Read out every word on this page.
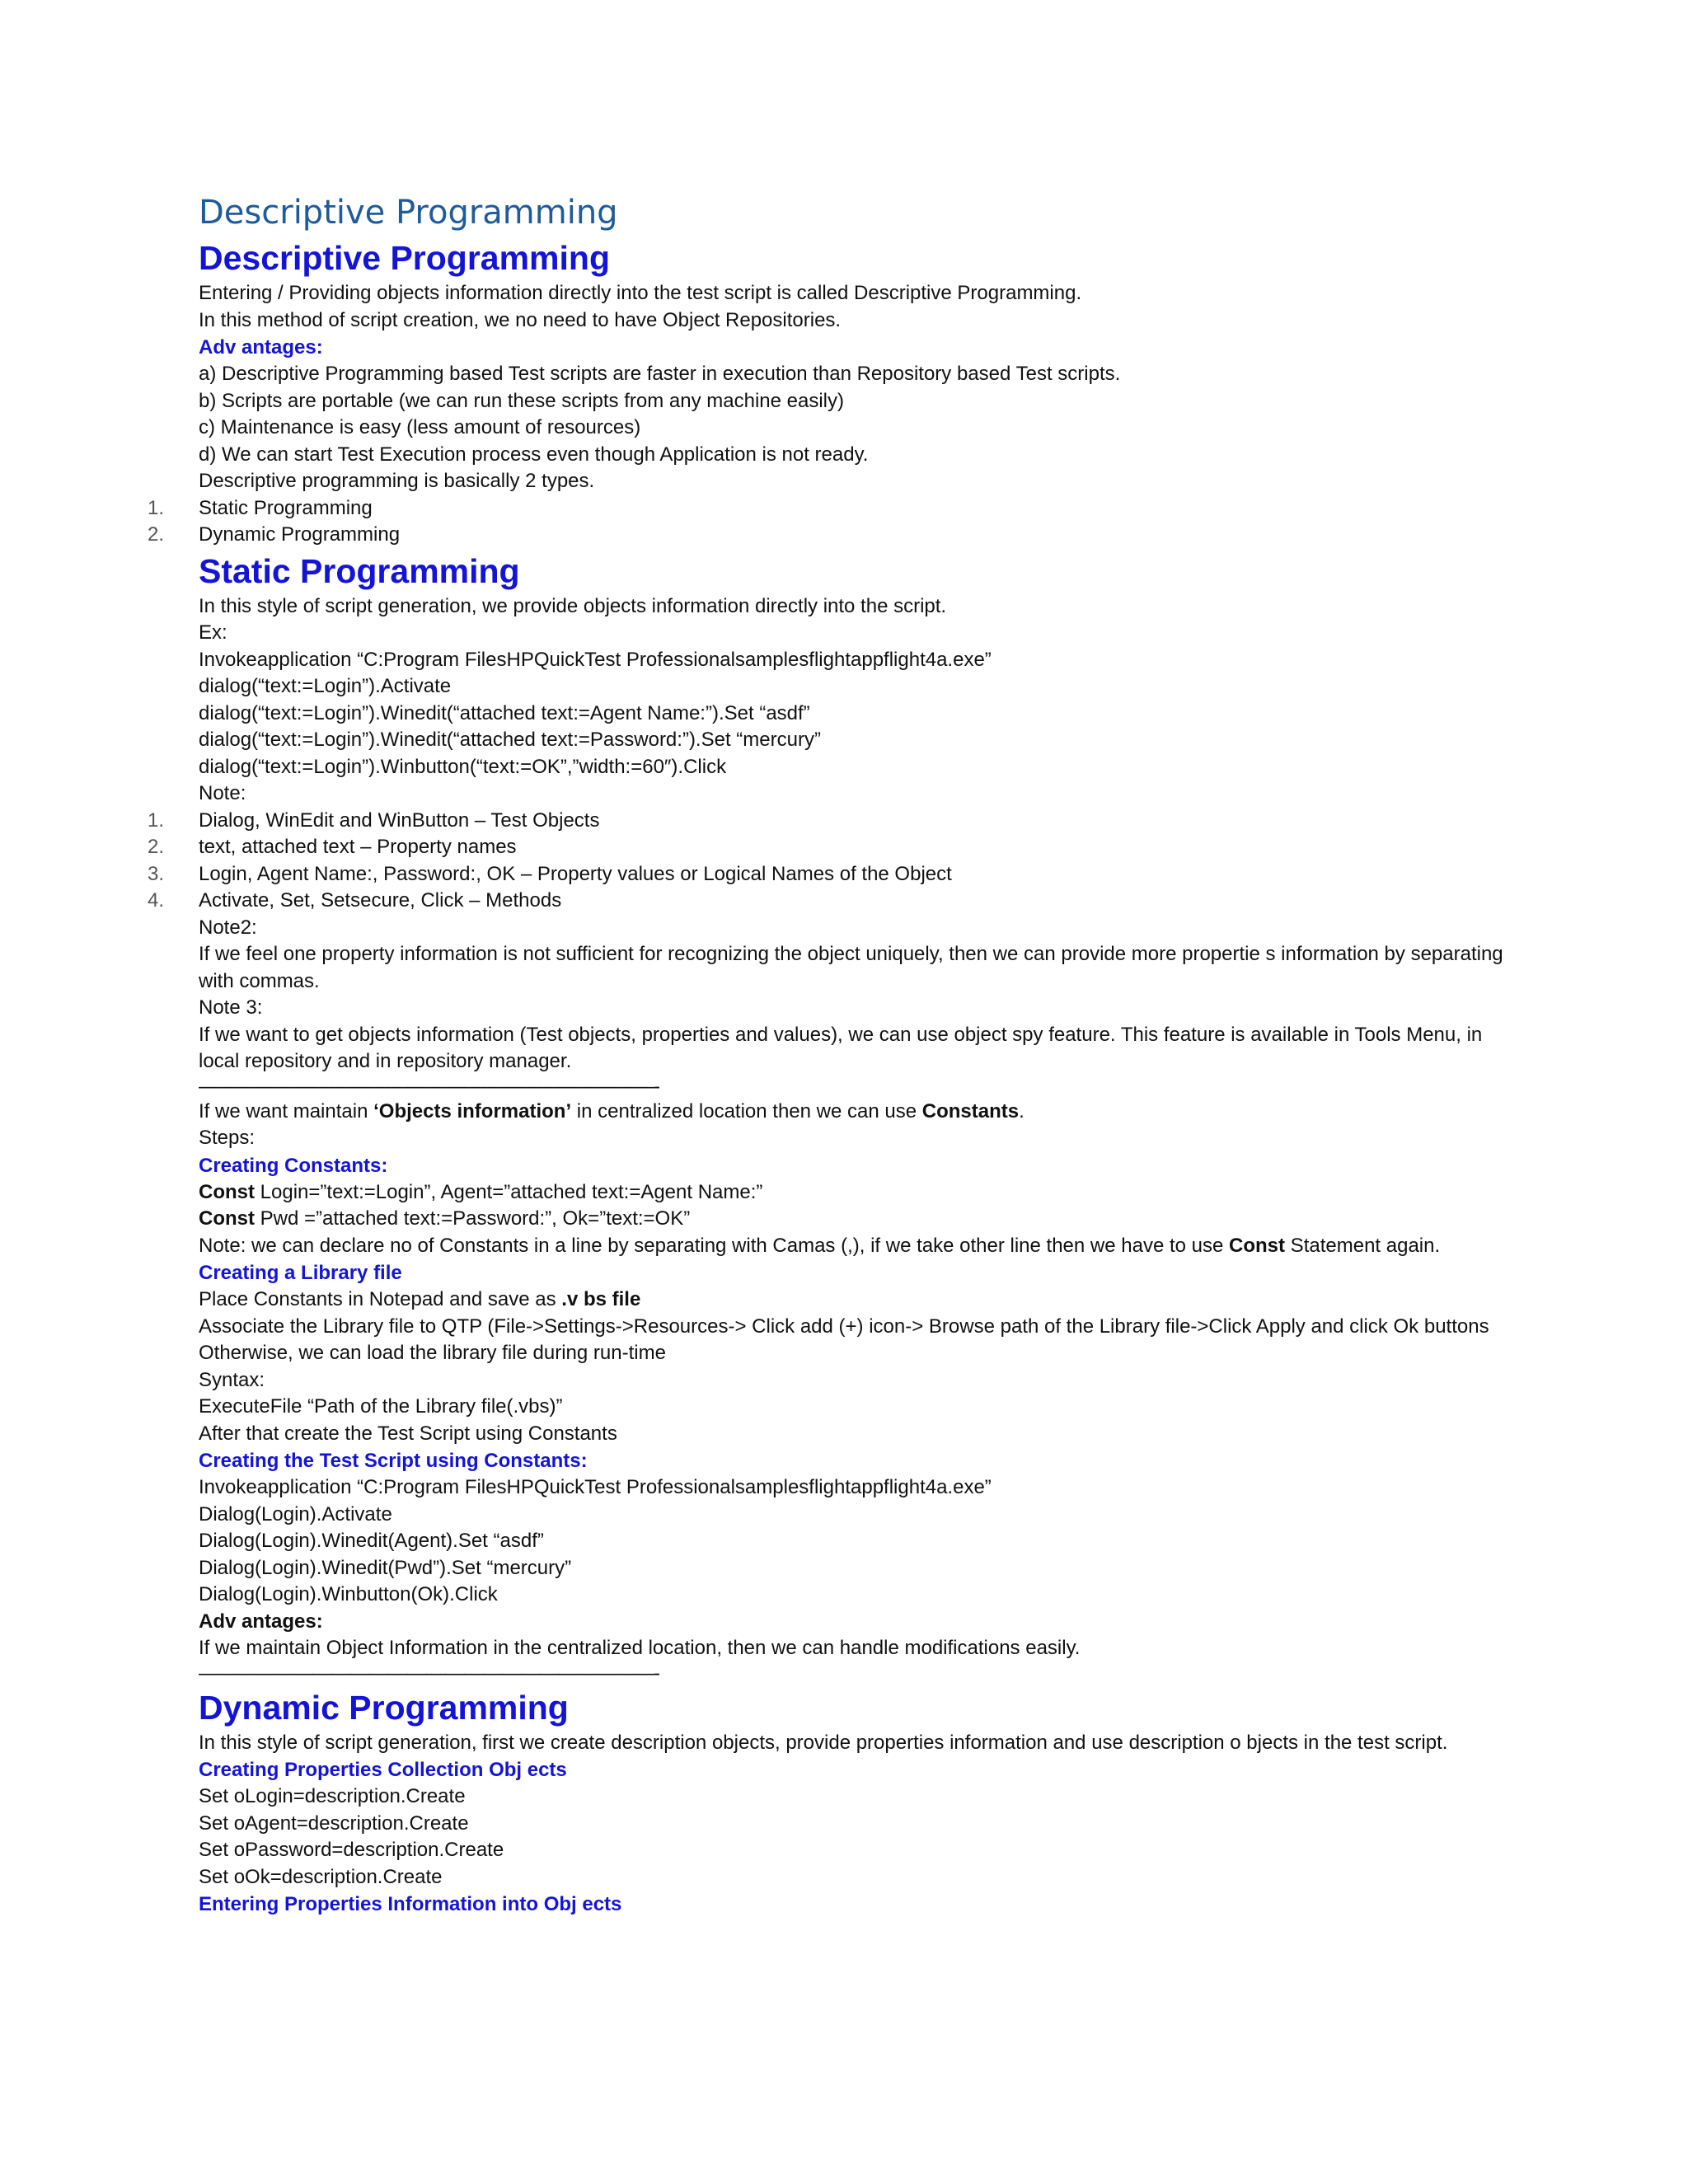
Descriptive Programming

Descriptive Programming

Entering / Providing objects information directly into the test script is called Descriptive Programming.

In this method of script creation, we no need to have Object Repositories.

Adv antages:

a) Descriptive Programming based Test scripts are faster in execution than Repository based Test scripts.

b) Scripts are portable (we can run these scripts from any machine easily)

c) Maintenance is easy (less amount of resources)

d) We can start Test Execution process even though Application is not ready.

Descriptive programming is basically 2 types.

1. Static Programming

2. Dynamic Programming

Static Programming

In this style of script generation, we provide objects information directly into the script.

Ex:

Invokeapplication “C:Program FilesHPQuickTest Professionalsamplesflightappflight4a.exe”

dialog(“text:=Login”).Activate

dialog(“text:=Login”).Winedit(“attached text:=Agent Name:”).Set “asdf”

dialog(“text:=Login”).Winedit(“attached text:=Password:”).Set “mercury”

dialog(“text:=Login”).Winbutton(“text:=OK”,”width:=60″).Click

Note:

1. Dialog, WinEdit and WinButton – Test Objects

2. text, attached text – Property names

3. Login, Agent Name:, Password:, OK – Property values or Logical Names of the Object

4. Activate, Set, Setsecure, Click – Methods

Note2:

If we feel one property information is not sufficient for recognizing the object uniquely, then we can provide more propertie s information by separating with commas.

Note 3:

If we want to get objects information (Test objects, properties and values), we can use object spy feature. This feature is available in Tools Menu, in local repository and in repository manager.

————————————————————————-

If we want maintain ‘Objects information’ in centralized location then we can use Constants.

Steps:

Creating Constants:

Const Login=”text:=Login”, Agent=”attached text:=Agent Name:”

Const Pwd =”attached text:=Password:”, Ok=”text:=OK”

Note: we can declare no of Constants in a line by separating with Camas (,), if we take other line then we have to use Const Statement again.

Creating a Library file

Place Constants in Notepad and save as .v bs file

Associate the Library file to QTP (File->Settings->Resources-> Click add (+) icon-> Browse path of the Library file->Click Apply and click Ok buttons

Otherwise, we can load the library file during run-time

Syntax:

ExecuteFile “Path of the Library file(.vbs)”

After that create the Test Script using Constants

Creating the Test Script using Constants:

Invokeapplication “C:Program FilesHPQuickTest Professionalsamplesflightappflight4a.exe”

Dialog(Login).Activate

Dialog(Login).Winedit(Agent).Set “asdf”

Dialog(Login).Winedit(Pwd”).Set “mercury”

Dialog(Login).Winbutton(Ok).Click

Adv antages:

If we maintain Object Information in the centralized location, then we can handle modifications easily.

————————————————————————-

Dynamic Programming

In this style of script generation, first we create description objects, provide properties information and use description o bjects in the test script.

Creating Properties Collection Obj ects

Set oLogin=description.Create

Set oAgent=description.Create

Set oPassword=description.Create

Set oOk=description.Create

Entering Properties Information into Obj ects
